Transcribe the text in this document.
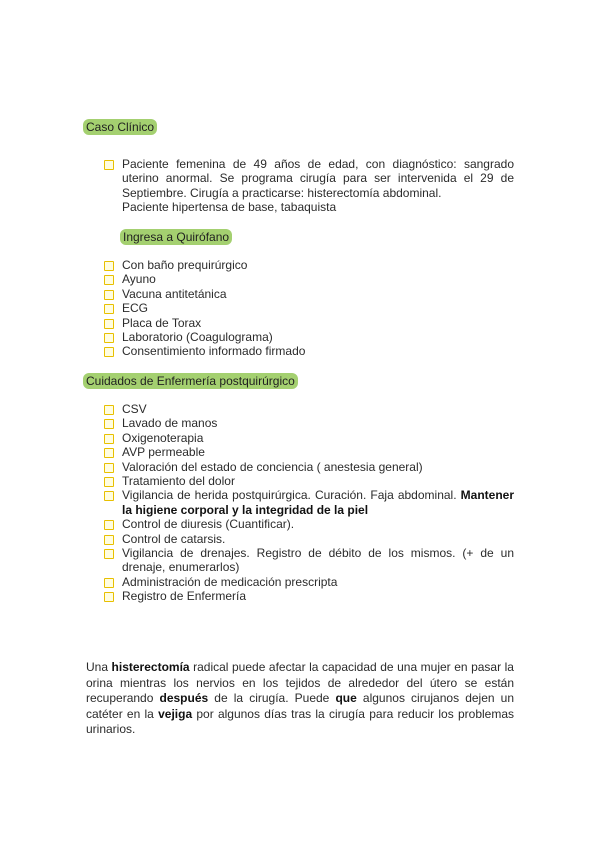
Caso Clínico
Paciente femenina de 49 años de edad, con diagnóstico: sangrado uterino anormal. Se programa cirugía para ser intervenida el 29 de Septiembre. Cirugía a practicarse: histerectomía abdominal.
Paciente hipertensa de base, tabaquista
Ingresa a Quirófano
Con baño prequirúrgico
Ayuno
Vacuna antitetánica
ECG
Placa de Torax
Laboratorio (Coagulograma)
Consentimiento informado firmado
Cuidados de Enfermería postquirúrgico
CSV
Lavado de manos
Oxigenoterapia
AVP permeable
Valoración del estado de conciencia ( anestesia general)
Tratamiento del dolor
Vigilancia de herida postquirúrgica. Curación. Faja abdominal. Mantener la higiene corporal y la integridad de la piel
Control de diuresis (Cuantificar).
Control de catarsis.
Vigilancia de drenajes. Registro de débito de los mismos. (+ de un drenaje, enumerarlos)
Administración de medicación prescripta
Registro de Enfermería
Una histerectomía radical puede afectar la capacidad de una mujer en pasar la orina mientras los nervios en los tejidos de alrededor del útero se están recuperando después de la cirugía. Puede que algunos cirujanos dejen un catéter en la vejiga por algunos días tras la cirugía para reducir los problemas urinarios.
